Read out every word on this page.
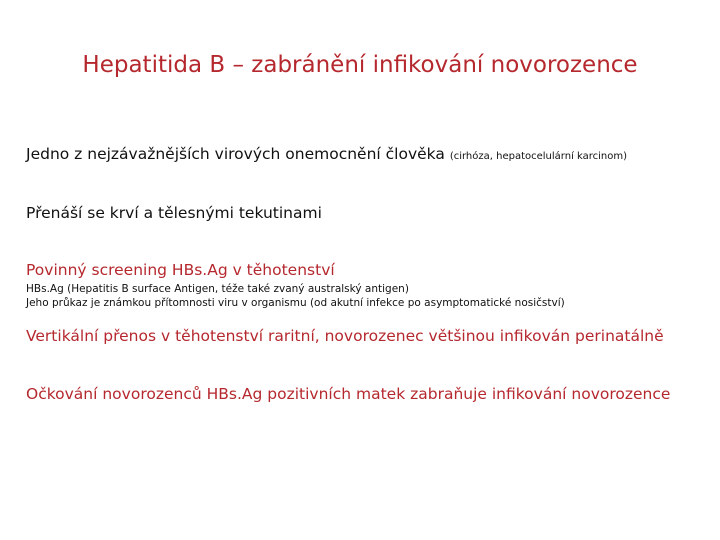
Hepatitida B – zabránění infikování novorozence
Jedno z nejzávažnějších virových onemocnění člověka (cirhóza, hepatocelulární karcinom)
Přenáší se krví a tělesnými tekutinami
Povinný screening HBs.Ag v těhotenství
HBs.Ag (Hepatitis B surface Antigen, téže také zvaný australský antigen)
Jeho průkaz je známkou přítomnosti viru v organismu (od akutní infekce po asymptomatické nosičství)
Vertikální přenos v těhotenství raritní, novorozenec většinou infikován perinatálně
Očkování novorozenců HBs.Ag pozitivních matek zabraňuje infikování novorozence
